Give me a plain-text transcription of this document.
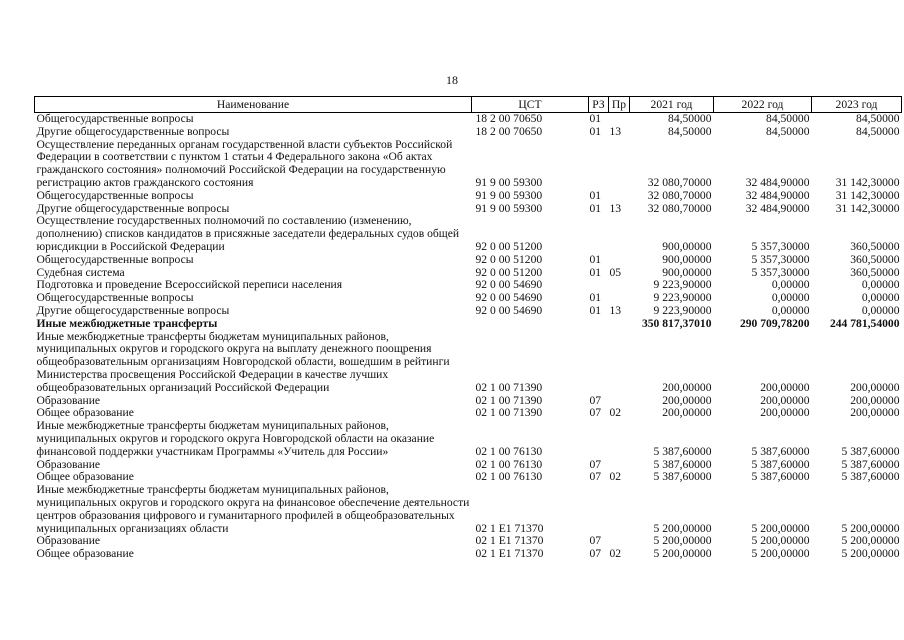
18
Наименование	ЦСТ	РЗ	Пр	2021 год	2022 год	2023 год
Общегосударственные вопросы	18 2 00 70650	01		84,50000	84,50000	84,50000
Другие общегосударственные вопросы	18 2 00 70650	01	13	84,50000	84,50000	84,50000
Осуществление переданных органам государственной власти субъектов Российской Федерации в соответствии с пунктом 1 статьи 4 Федерального закона «Об актах гражданского состояния» полномочий Российской Федерации на государственную регистрацию актов гражданского состояния	91 9 00 59300			32 080,70000	32 484,90000	31 142,30000
Общегосударственные вопросы	91 9 00 59300	01		32 080,70000	32 484,90000	31 142,30000
Другие общегосударственные вопросы	91 9 00 59300	01	13	32 080,70000	32 484,90000	31 142,30000
Осуществление государственных полномочий по составлению (изменению, дополнению) списков кандидатов в присяжные заседатели федеральных судов общей юрисдикции в Российской Федерации	92 0 00 51200			900,00000	5 357,30000	360,50000
Общегосударственные вопросы	92 0 00 51200	01		900,00000	5 357,30000	360,50000
Судебная система	92 0 00 51200	01	05	900,00000	5 357,30000	360,50000
Подготовка и проведение Всероссийской переписи населения	92 0 00 54690			9 223,90000	0,00000	0,00000
Общегосударственные вопросы	92 0 00 54690	01		9 223,90000	0,00000	0,00000
Другие общегосударственные вопросы	92 0 00 54690	01	13	9 223,90000	0,00000	0,00000
Иные межбюджетные трансферты				350 817,37010	290 709,78200	244 781,54000
Иные межбюджетные трансферты бюджетам муниципальных районов, муниципальных округов и городского округа на выплату денежного поощрения общеобразовательным организациям Новгородской области, вошедшим в рейтинги Министерства просвещения Российской Федерации в качестве лучших общеобразовательных организаций Российской Федерации	02 1 00 71390			200,00000	200,00000	200,00000
Образование	02 1 00 71390	07		200,00000	200,00000	200,00000
Общее образование	02 1 00 71390	07	02	200,00000	200,00000	200,00000
Иные межбюджетные трансферты бюджетам муниципальных районов, муниципальных округов и городского округа Новгородской области на оказание финансовой поддержки участникам Программы «Учитель для России»	02 1 00 76130			5 387,60000	5 387,60000	5 387,60000
Образование	02 1 00 76130	07		5 387,60000	5 387,60000	5 387,60000
Общее образование	02 1 00 76130	07	02	5 387,60000	5 387,60000	5 387,60000
Иные межбюджетные трансферты бюджетам муниципальных районов, муниципальных округов и городского округа на финансовое обеспечение деятельности центров образования цифрового и гуманитарного профилей в общеобразовательных муниципальных организациях области	02 1 E1 71370			5 200,00000	5 200,00000	5 200,00000
Образование	02 1 E1 71370	07		5 200,00000	5 200,00000	5 200,00000
Общее образование	02 1 E1 71370	07	02	5 200,00000	5 200,00000	5 200,00000
